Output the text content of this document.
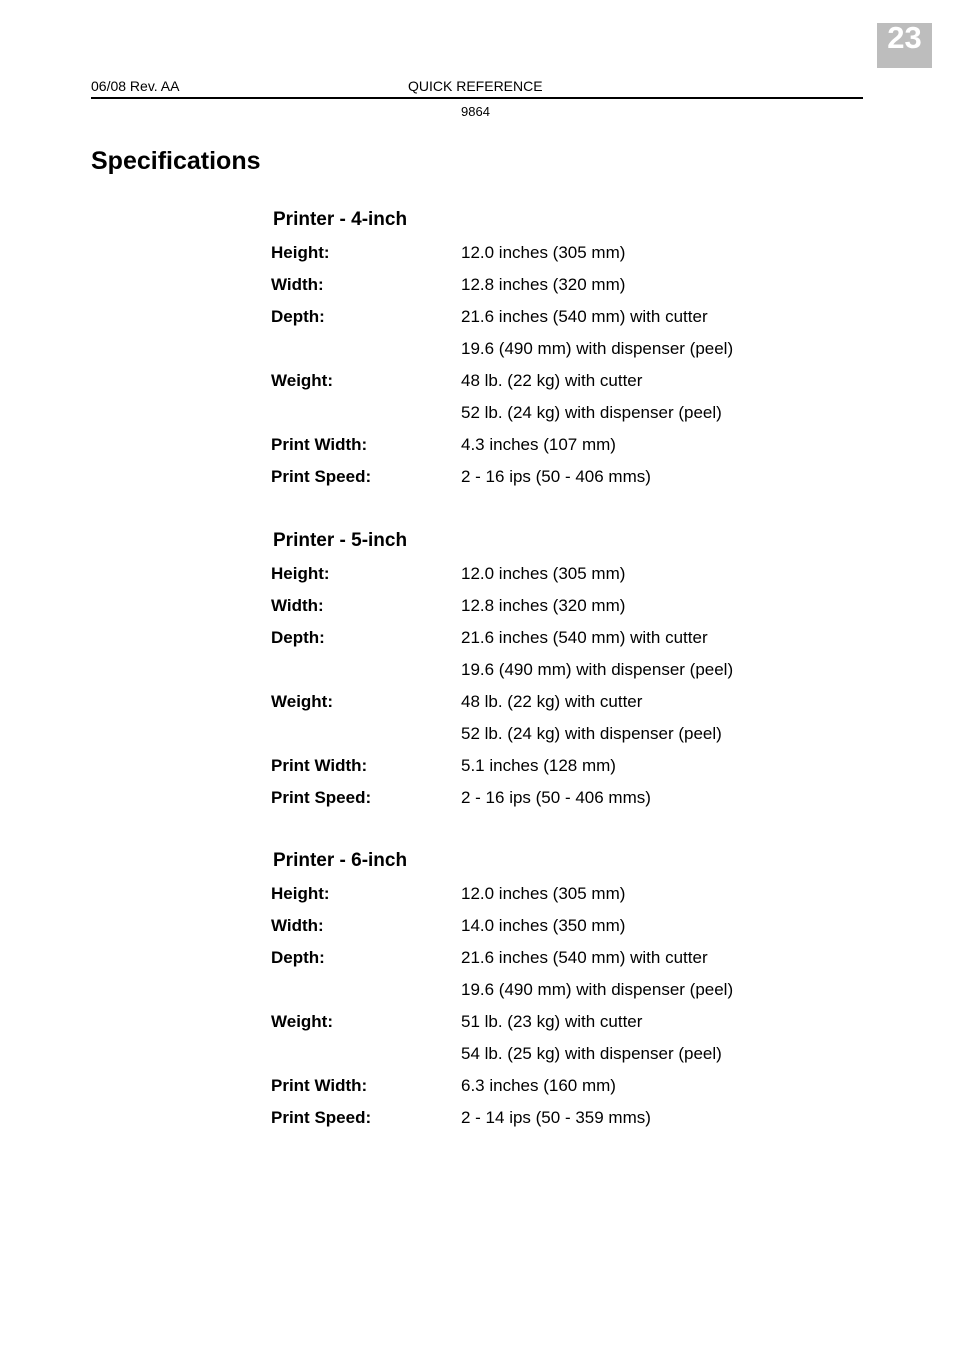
23
06/08 Rev. AA	QUICK REFERENCE
9864
Specifications
Printer - 4-inch
Height:	12.0 inches (305 mm)
Width:	12.8 inches (320 mm)
Depth:	21.6 inches (540 mm) with cutter
19.6 (490 mm) with dispenser (peel)
Weight:	48 lb. (22 kg) with cutter
52 lb. (24 kg) with dispenser (peel)
Print Width:	4.3 inches (107 mm)
Print Speed:	2 - 16 ips (50 - 406 mms)
Printer - 5-inch
Height:	12.0 inches (305 mm)
Width:	12.8 inches (320 mm)
Depth:	21.6 inches (540 mm) with cutter
19.6 (490 mm) with dispenser (peel)
Weight:	48 lb. (22 kg) with cutter
52 lb. (24 kg) with dispenser (peel)
Print Width:	5.1 inches (128 mm)
Print Speed:	2 - 16 ips (50 - 406 mms)
Printer - 6-inch
Height:	12.0 inches (305 mm)
Width:	14.0 inches (350 mm)
Depth:	21.6 inches (540 mm) with cutter
19.6 (490 mm) with dispenser (peel)
Weight:	51 lb. (23 kg) with cutter
54 lb. (25 kg) with dispenser (peel)
Print Width:	6.3 inches (160 mm)
Print Speed:	2 - 14 ips (50 - 359 mms)
